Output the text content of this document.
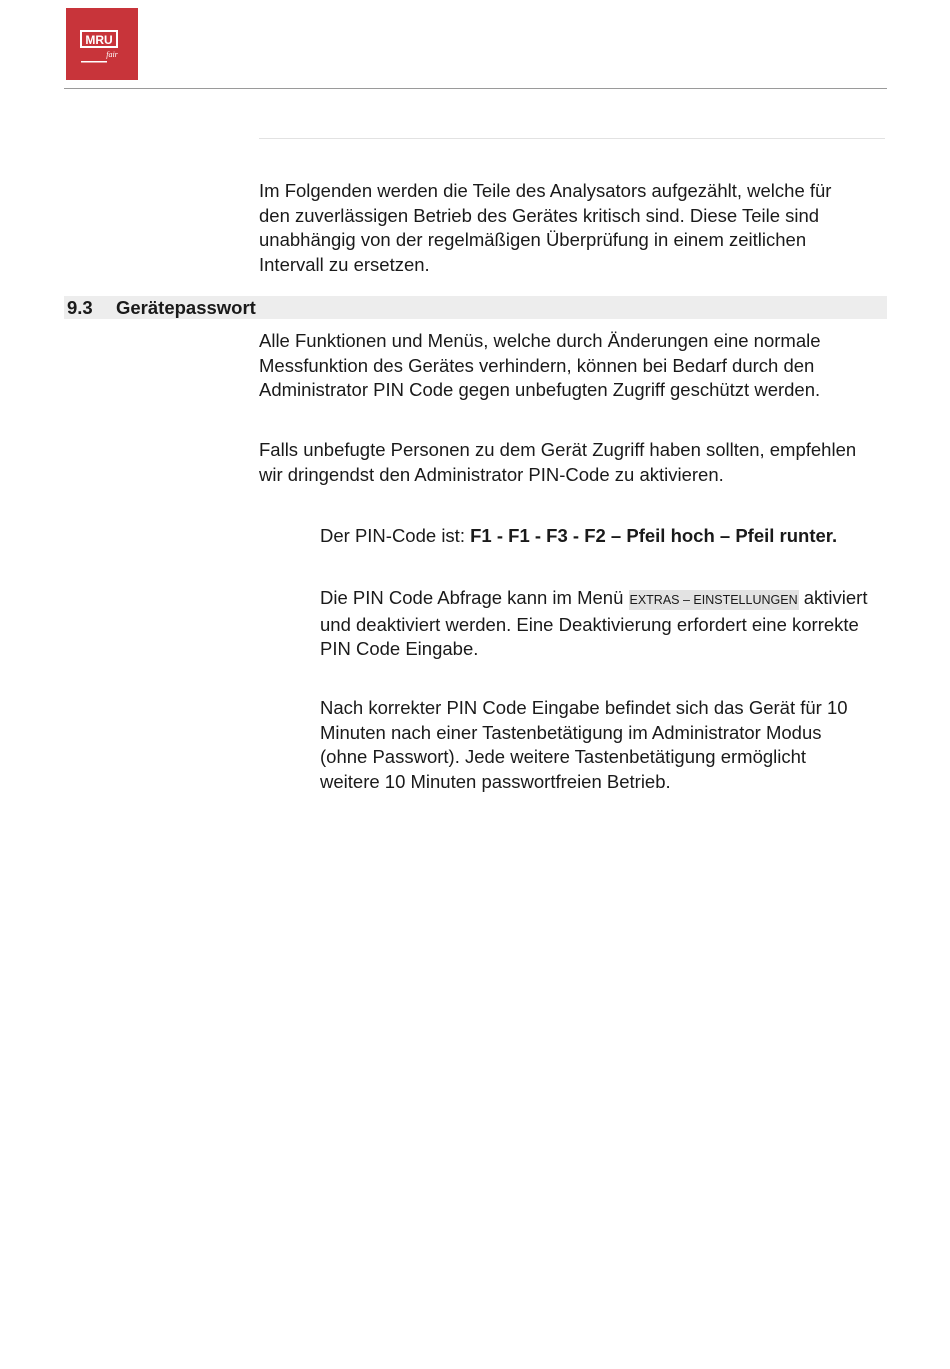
MRU
fair

Im Folgenden werden die Teile des Analysators aufgezählt, welche für
den zuverlässigen Betrieb des Gerätes kritisch sind. Diese Teile sind
unabhängig von der regelmäßigen Überprüfung in einem zeitlichen
Intervall zu ersetzen.

9.3 Gerätepasswort

Alle Funktionen und Menüs, welche durch Änderungen eine normale
Messfunktion des Gerätes verhindern, können bei Bedarf durch den
Administrator PIN Code gegen unbefugten Zugriff geschützt werden.

Falls unbefugte Personen zu dem Gerät Zugriff haben sollten, empfehlen
wir dringendst den Administrator PIN-Code zu aktivieren.

Der PIN-Code ist: F1 - F1 - F3 - F2 – Pfeil hoch – Pfeil runter.

Die PIN Code Abfrage kann im Menü EXTRAS – EINSTELLUNGEN aktiviert
und deaktiviert werden. Eine Deaktivierung erfordert eine korrekte
PIN Code Eingabe.

Nach korrekter PIN Code Eingabe befindet sich das Gerät für 10
Minuten nach einer Tastenbetätigung im Administrator Modus
(ohne Passwort). Jede weitere Tastenbetätigung ermöglicht
weitere 10 Minuten passwortfreien Betrieb.
